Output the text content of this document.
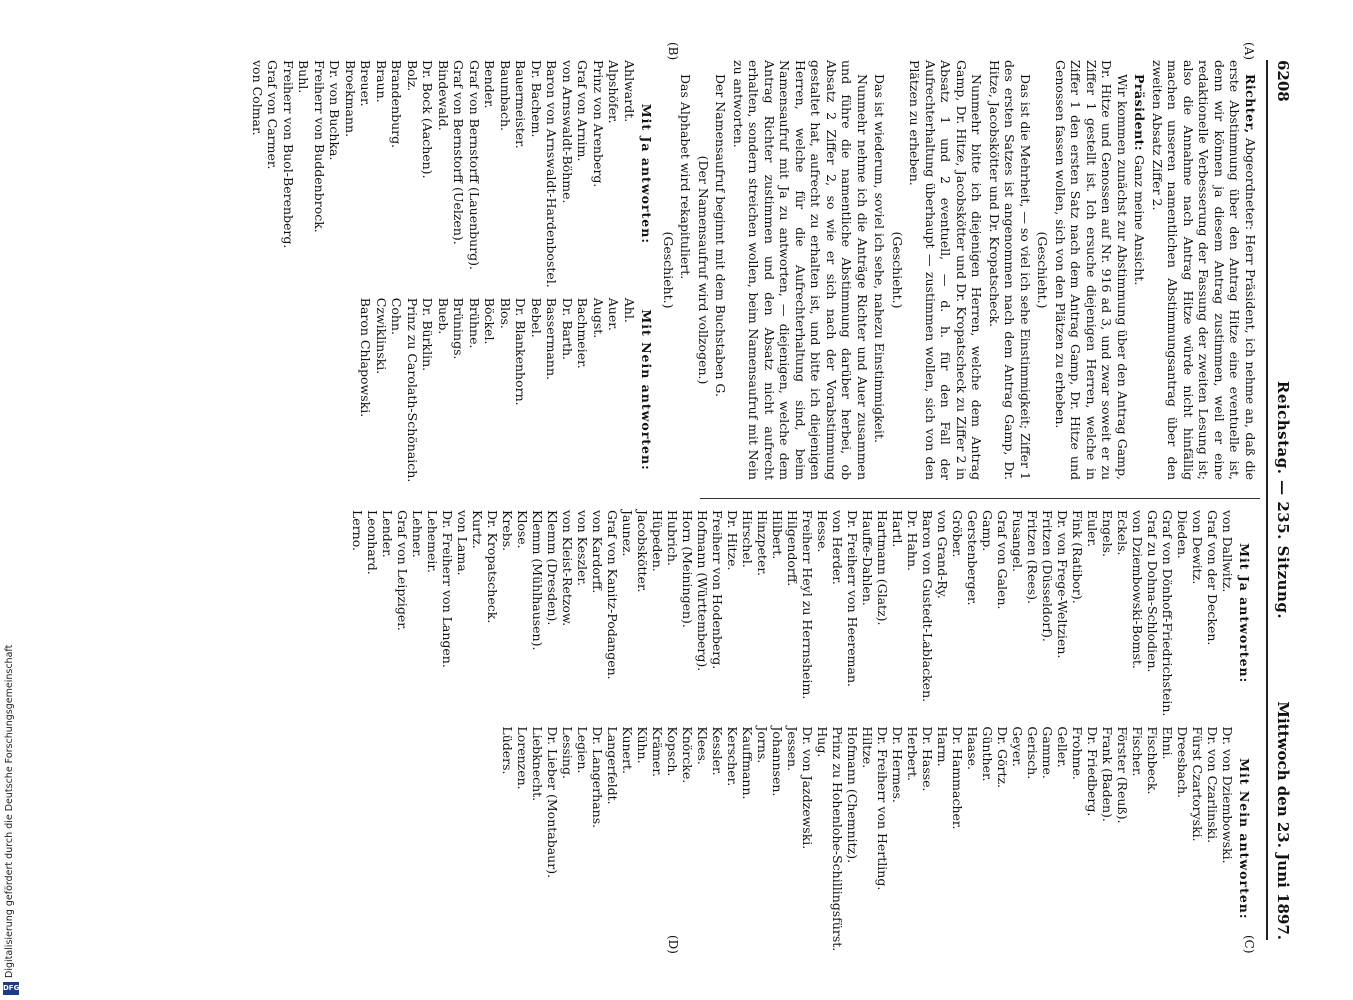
Digitalisierung gefördert durch die Deutsche Forschungsgemeinschaft
DFG
6208
Reichstag. — 235. Sitzung.
Mittwoch den 23. Juni 1897.
(A)
(B)
(C)
(D)

Richter, Abgeordneter: Herr Präsident, ich nehme an, daß die erste Abstimmung über den Antrag Hitze eine eventuelle ist, denn wir können ja diesem Antrag zustimmen, weil er eine redaktionelle Verbesserung der Fassung der zweiten Lesung ist; also die Annahme nach Antrag Hitze würde nicht hinfällig machen unseren namentlichen Abstimmungsantrag über den zweiten Absatz Ziffer 2.

Präsident: Ganz meine Ansicht.

Wir kommen zunächst zur Abstimmung über den Antrag Gamp, Dr. Hitze und Genossen auf Nr. 916 ad 3, und zwar soweit er zu Ziffer 1 gestellt ist. Ich ersuche diejenigen Herren, welche in Ziffer 1 den ersten Satz nach dem Antrag Gamp, Dr. Hitze und Genossen fassen wollen, sich von den Plätzen zu erheben.

(Geschieht.)

Das ist die Mehrheit, — so viel ich sehe Einstimmigkeit; Ziffer 1 des ersten Satzes ist angenommen nach dem Antrag Gamp, Dr. Hitze, Jacobskötter und Dr. Kropatscheck.

Nunmehr bitte ich diejenigen Herren, welche dem Antrag Gamp, Dr. Hitze, Jacobskötter und Dr. Kropatscheck zu Ziffer 2 in Absatz 1 und 2 eventuell, — d. h. für den Fall der Aufrechterhaltung überhaupt — zustimmen wollen, sich von den Plätzen zu erheben.

(Geschieht.)

Das ist wiederum, soviel ich sehe, nahezu Einstimmigkeit.

Nunmehr nehme ich die Anträge Richter und Auer zusammen und führe die namentliche Abstimmung darüber herbei, ob Absatz 2 Ziffer 2, so wie er sich nach der Vorabstimmung gestaltet hat, aufrecht zu erhalten ist, und bitte ich diejenigen Herren, welche für die Aufrechterhaltung sind, beim Namensaufruf mit Ja zu antworten, — diejenigen, welche dem Antrag Richter zustimmen und den Absatz nicht aufrecht erhalten, sondern streichen wollen, beim Namensaufruf mit Nein zu antworten.

Der Namensaufruf beginnt mit dem Buchstaben G.

(Der Namensaufruf wird vollzogen.)

Das Alphabet wird rekapituliert.

(Geschieht.)

Mit Ja antworten:
Ahlwardt.
Alpshöfer.
Prinz von Arenberg.
Graf von Arnim.
von Arnswaldt-Böhme.
Baron von Arnswaldt-Hardenbostel.
Dr. Bachem.
Bauermeister.
Baumbach.
Bender.
Graf von Bernstorff (Lauenburg).
Graf von Bernstorff (Uelzen).
Bindewald.
Dr. Bock (Aachen).
Bolz.
Brandenburg.
Braun.
Breuer.
Broekmann.
Dr. von Buchka.
Freiherr von Buddenbrock.
Buhl.
Freiherr von Buol-Berenberg.
Graf von Carmer.
von Colmar.
Mit Nein antworten:
Ahl.
Auer.
Augst.
Bachmeier.
Dr. Barth.
Bassermann.
Bebel.
Dr. Blankenhorn.
Blos.
Böckel.
Brühne.
Brünings.
Bueb.
Dr. Bürklin.
Prinz zu Carolath-Schönaich.
Cohn.
Czwiklinski.
Baron Chlapowski.
Mit Ja antworten:
von Dallwitz.
Graf von der Decken.
von Dewitz.
Dieden.
Graf von Dönhoff-Friedrichstein.
Graf zu Dohna-Schlodien.
von Dziembowski-Bomst.
Eckels.
Engels.
Euler.
Fink (Ratibor).
Dr. von Frege-Weltzien.
Fritzen (Düsseldorf).
Fritzen (Rees).
Fusangel.
Graf von Galen.
Gamp.
Gerstenberger.
Gröber.
von Grand-Ry.
Baron von Gustedt-Lablacken.
Dr. Hahn.
Hartl.
Hartmann (Glatz).
Hauffe-Dahlen.
Dr. Freiherr von Heereman.
von Herder.
Hesse.
Freiherr Heyl zu Herrnsheim.
Hilgendorff.
Hilbert.
Hinzpeter.
Hirschel.
Dr. Hitze.
Freiherr von Hodenberg.
Hofmann (Württemberg).
Horn (Meiningen).
Hubrich.
Hüpeden.
Jacobskötter.
Jaunez.
Graf von Kanitz-Podangen.
von Kardorff.
von Keszler.
von Kleist-Retzow.
Klemm (Dresden).
Klemm (Mühlhausen).
Klose.
Krebs.
Dr. Kropatscheck.
Kurtz.
von Lama.
Dr. Freiherr von Langen.
Lehemeir.
Lehner.
Graf von Leipziger.
Lender.
Leonhard.
Lerno.
Mit Nein antworten:
Dr. von Dziembowski.
Dr. von Czarlinski.
Fürst Czartoryski.
Dreesbach.
Ehni.
Fischbeck.
Fischer.
Förster (Reuß).
Frank (Baden).
Dr. Friedberg.
Frohme.
Geller.
Gamme.
Gerisch.
Geyer.
Dr. Görtz.
Günther.
Haase.
Dr. Hammacher.
Harm.
Dr. Hasse.
Herbert.
Dr. Hermes.
Dr. Freiherr von Hertling.
Hiltze.
Hofmann (Chemnitz).
Prinz zu Hohenlohe-Schillingsfürst.
Hug.
Dr. von Jazdzewski.
Jessen.
Johannsen.
Jorns.
Kauffmann.
Kerscher.
Kessler.
Klees.
Knörcke.
Kopsch.
Krämer.
Kühn.
Kunert.
Langerfeldt.
Dr. Langerhans.
Legien.
Lessing.
Dr. Lieber (Montabaur).
Liebknecht.
Lorenzen.
Lüders.
